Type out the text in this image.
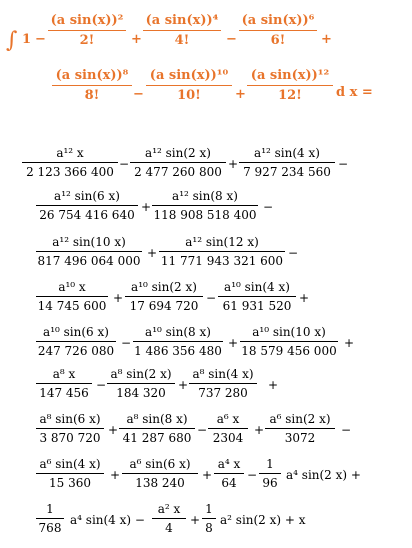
∫ 1 −
(a sin(x))²
2!	+
(a sin(x))⁴
4!	−
(a sin(x))⁶
6!	+
(a sin(x))⁸
8!	−
(a sin(x))¹⁰
10!	+
(a sin(x))¹²
12!	d x =
a¹² x
2 123 366 400
−
a¹² sin(2 x)
2 477 260 800
+
a¹² sin(4 x)
7 927 234 560
−
a¹² sin(6 x)
26 754 416 640
+
a¹² sin(8 x)
118 908 518 400
−
a¹² sin(10 x)
817 496 064 000
+
a¹² sin(12 x)
11 771 943 321 600
−
a¹⁰ x
14 745 600
+
a¹⁰ sin(2 x)
17 694 720
−
a¹⁰ sin(4 x)
61 931 520
+
a¹⁰ sin(6 x)
247 726 080
−
a¹⁰ sin(8 x)
1 486 356 480
+
a¹⁰ sin(10 x)
18 579 456 000
+
a⁸ x
147 456
−
a⁸ sin(2 x)
184 320
+
a⁸ sin(4 x)
737 280
+
a⁸ sin(6 x)
3 870 720
+
a⁸ sin(8 x)
41 287 680
−
a⁶ x
2304
+
a⁶ sin(2 x)
3072
−
a⁶ sin(4 x)
15 360
+
a⁶ sin(6 x)
138 240
+
a⁴ x
64
−
1
96
a⁴ sin(2 x) +
1
768
a⁴ sin(4 x) −
a² x
4
+
1
8
a² sin(2 x) + x
